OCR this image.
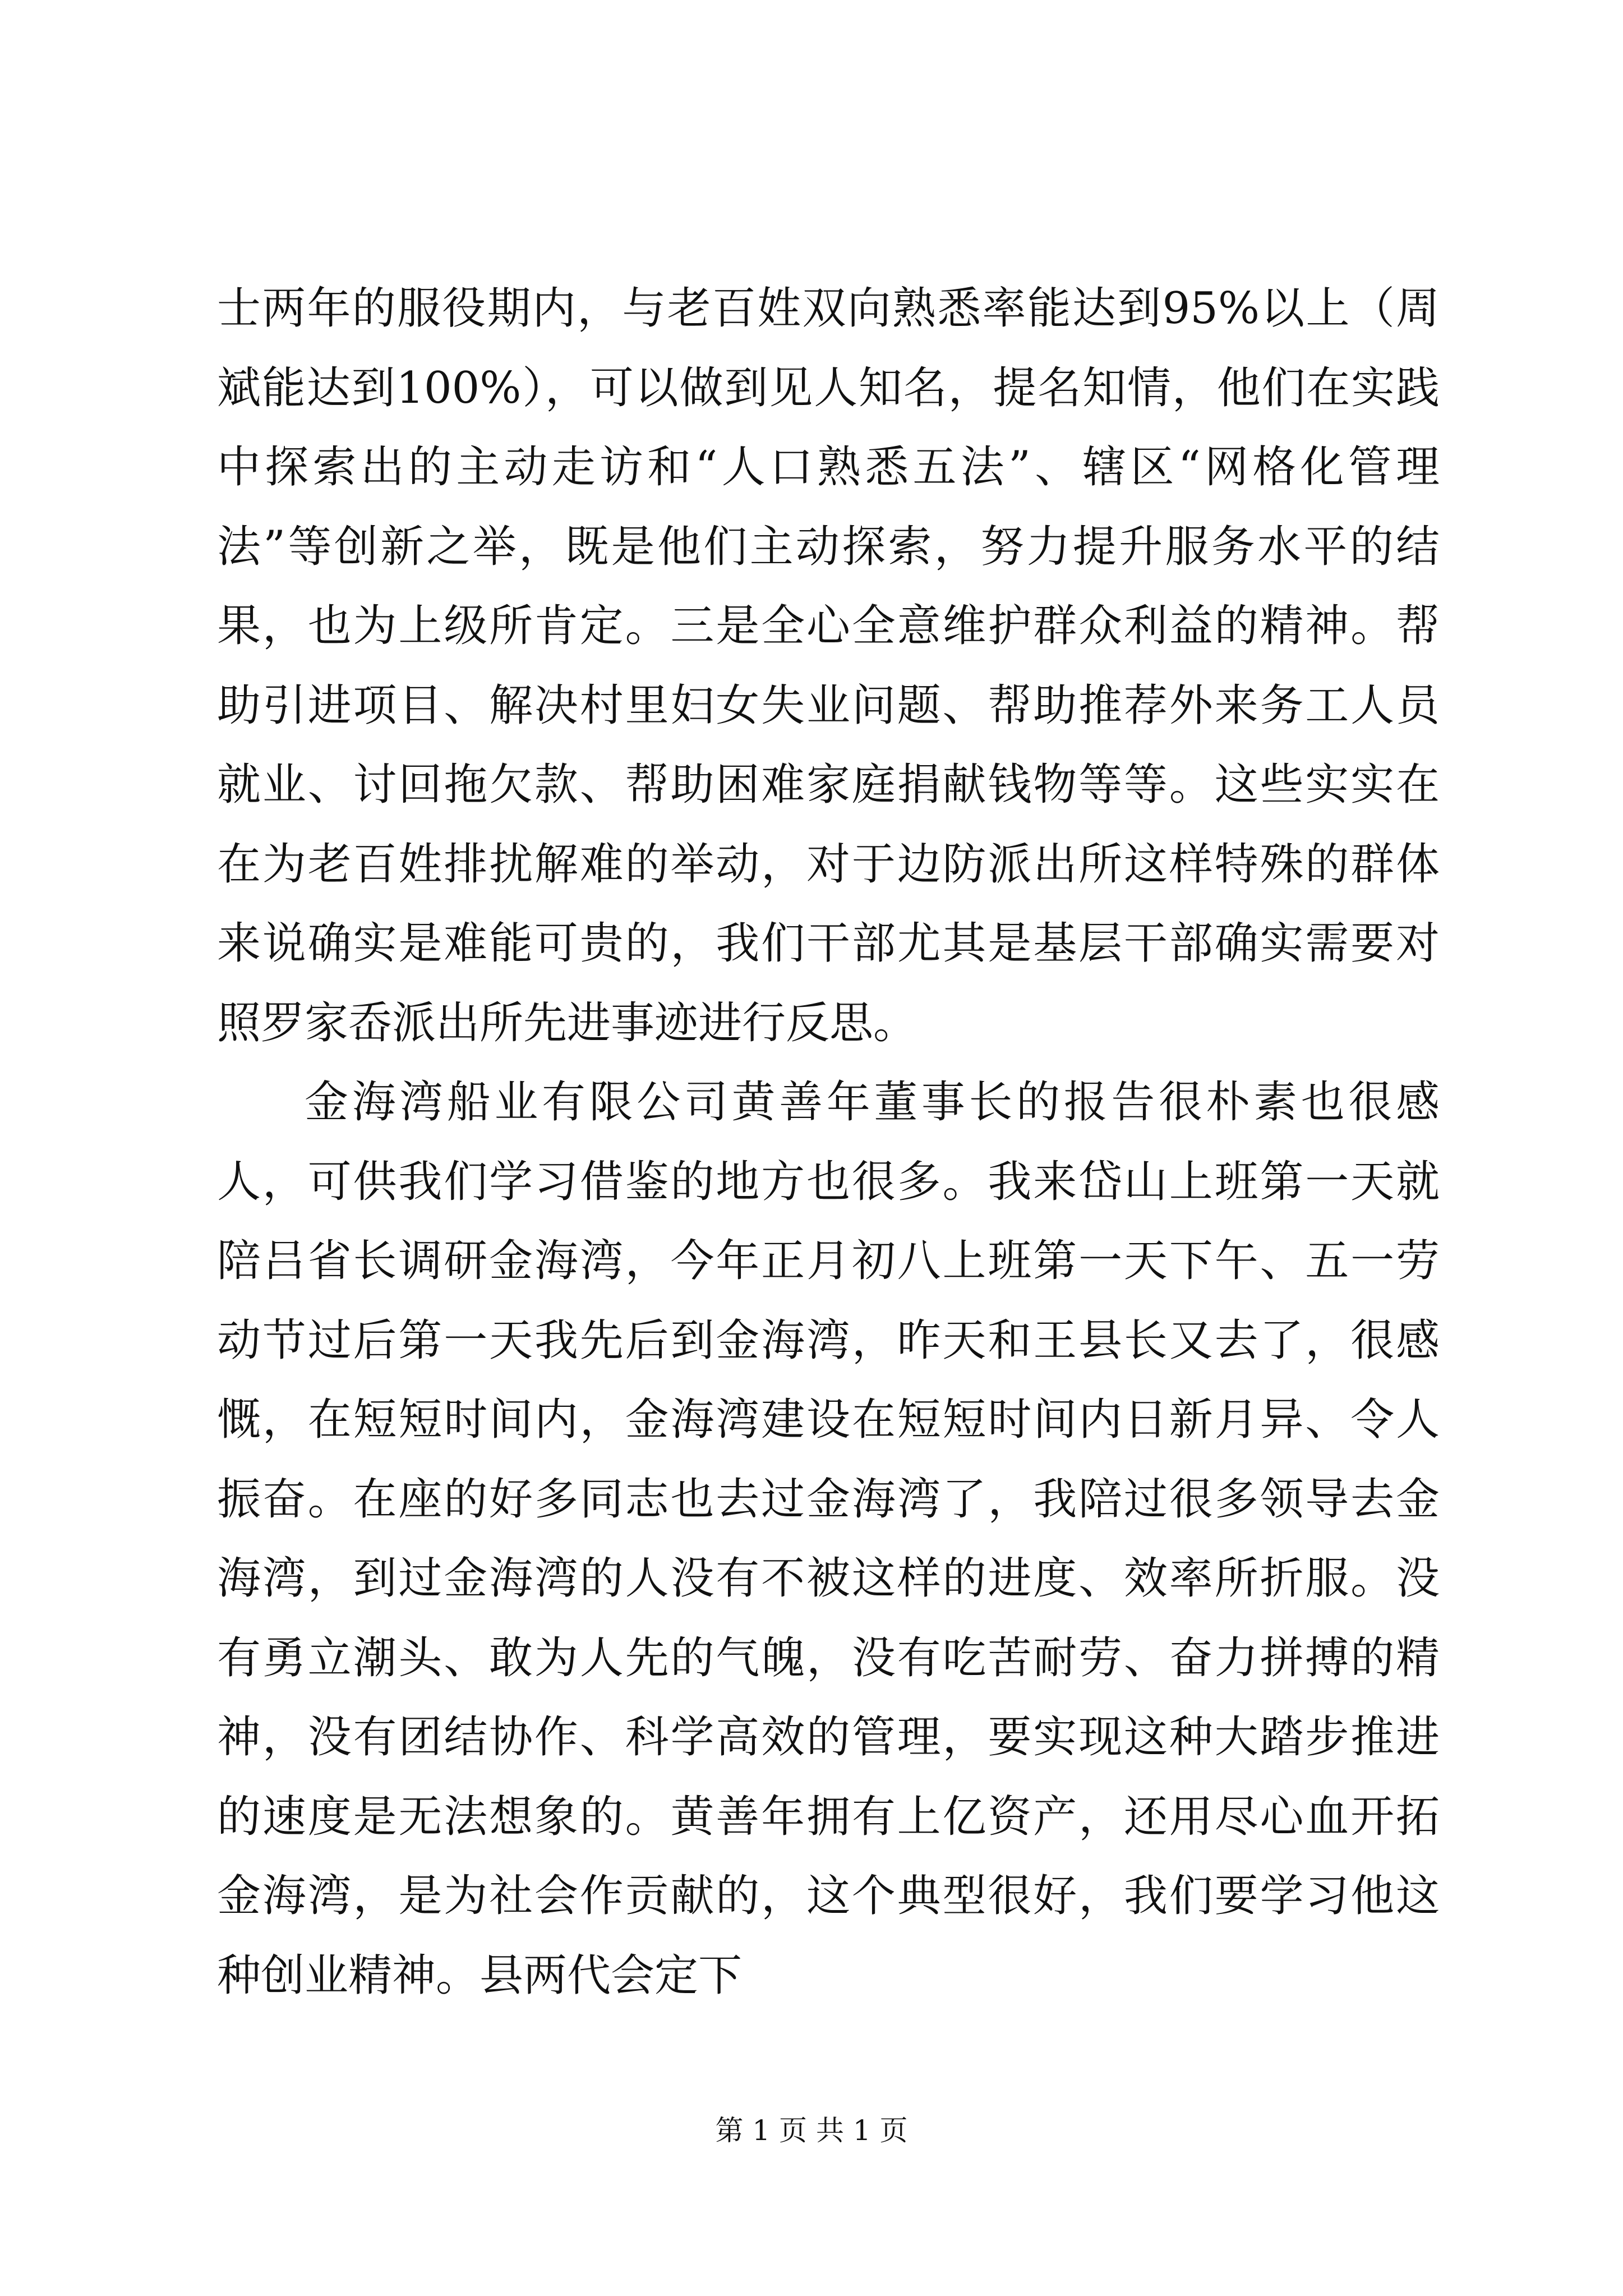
士两年的服役期内，与老百姓双向熟悉率能达到95%以上（周斌能达到100%），可以做到见人知名，提名知情，他们在实践中探索出的主动走访和“人口熟悉五法”、辖区“网格化管理法”等创新之举，既是他们主动探索，努力提升服务水平的结果，也为上级所肯定。三是全心全意维护群众利益的精神。帮助引进项目、解决村里妇女失业问题、帮助推荐外来务工人员就业、讨回拖欠款、帮助困难家庭捐献钱物等等。这些实实在在为老百姓排扰解难的举动，对于边防派出所这样特殊的群体来说确实是难能可贵的，我们干部尤其是基层干部确实需要对照罗家岙派出所先进事迹进行反思。

金海湾船业有限公司黄善年董事长的报告很朴素也很感人，可供我们学习借鉴的地方也很多。我来岱山上班第一天就陪吕省长调研金海湾，今年正月初八上班第一天下午、五一劳动节过后第一天我先后到金海湾，昨天和王县长又去了，很感慨，在短短时间内，金海湾建设在短短时间内日新月异、令人振奋。在座的好多同志也去过金海湾了，我陪过很多领导去金海湾，到过金海湾的人没有不被这样的进度、效率所折服。没有勇立潮头、敢为人先的气魄，没有吃苦耐劳、奋力拼搏的精神，没有团结协作、科学高效的管理，要实现这种大踏步推进的速度是无法想象的。黄善年拥有上亿资产，还用尽心血开拓金海湾，是为社会作贡献的，这个典型很好，我们要学习他这种创业精神。县两代会定下

第 1 页 共 1 页
